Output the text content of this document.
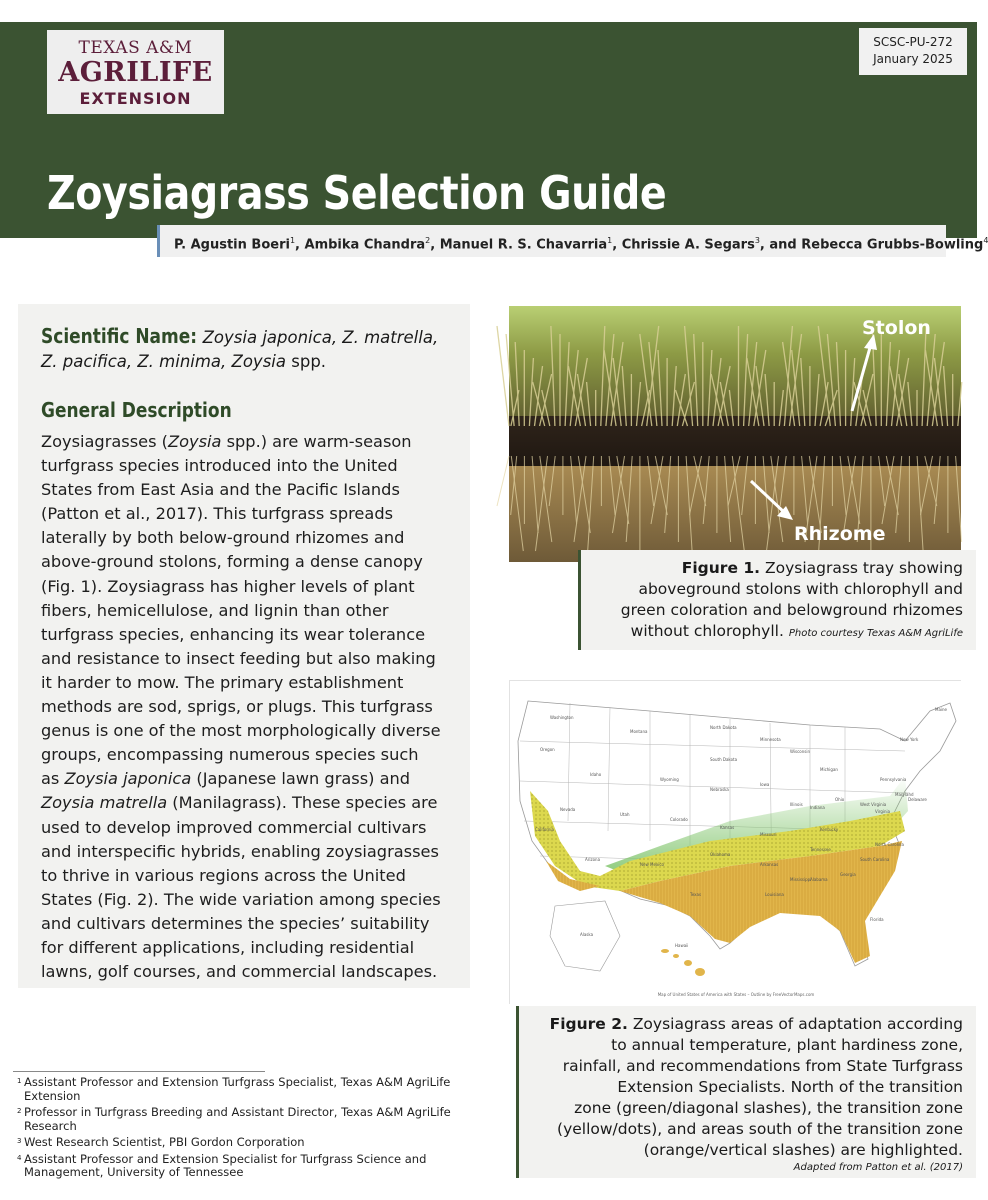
TEXAS A&M
AGRILIFE
EXTENSION
SCSC-PU-272
January 2025
Zoysiagrass Selection Guide
P. Agustin Boeri$^1$, Ambika Chandra$^2$, Manuel R. S. Chavarria$^1$, Chrissie A. Segars$^3$, and Rebecca Grubbs-Bowling$^4$
Scientific Name: Zoysia japonica, Z. matrella,
Z. pacifica, Z. minima, Zoysia spp.
General Description
Zoysiagrasses (Zoysia spp.) are warm-season
turfgrass species introduced into the United
States from East Asia and the Pacific Islands
(Patton et al., 2017). This turfgrass spreads
laterally by both below-ground rhizomes and
above-ground stolons, forming a dense canopy
(Fig. 1). Zoysiagrass has higher levels of plant
fibers, hemicellulose, and lignin than other
turfgrass species, enhancing its wear tolerance
and resistance to insect feeding but also making
it harder to mow. The primary establishment
methods are sod, sprigs, or plugs. This turfgrass
genus is one of the most morphologically diverse
groups, encompassing numerous species such
as Zoysia japonica (Japanese lawn grass) and
Zoysia matrella (Manilagrass). These species are
used to develop improved commercial cultivars
and interspecific hybrids, enabling zoysiagrasses
to thrive in various regions across the United
States (Fig. 2). The wide variation among species
and cultivars determines the species’ suitability
for different applications, including residential
lawns, golf courses, and commercial landscapes.
Stolon
Rhizome
Figure 1. Zoysiagrass tray showing
aboveground stolons with chlorophyll and
green coloration and belowground rhizomes
without chlorophyll. Photo courtesy Texas A&M AgriLife
Washington
Montana
North Dakota
Minnesota
Maine
Oregon
South Dakota
Wisconsin
New York
Idaho
Wyoming
Michigan
Nebraska
Iowa
Pennsylvania
Nevada
Utah
Colorado
Illinois
Indiana
Ohio
California	Kansas
Missouri
Kentucky
Virginia
Oklahoma
Tennessee
North Carolina
Arizona
New Mexico	Arkansas
South Carolina
Texas	Louisiana
Mississippi
Alabama
Georgia
Florida
Alaska
Hawaii
Maryland
Delaware
West Virginia
Map of United States of America with States – Outline by FreeVectorMaps.com
Figure 2. Zoysiagrass areas of adaptation according
to annual temperature, plant hardiness zone,
rainfall, and recommendations from State Turfgrass
Extension Specialists. North of the transition
zone (green/diagonal slashes), the transition zone
(yellow/dots), and areas south of the transition zone
(orange/vertical slashes) are highlighted.
Adapted from Patton et al. (2017)
1 Assistant Professor and Extension Turfgrass Specialist, Texas A&M AgriLife
Extension
2 Professor in Turfgrass Breeding and Assistant Director, Texas A&M AgriLife
Research
3 West Research Scientist, PBI Gordon Corporation
4 Assistant Professor and Extension Specialist for Turfgrass Science and
Management, University of Tennessee
